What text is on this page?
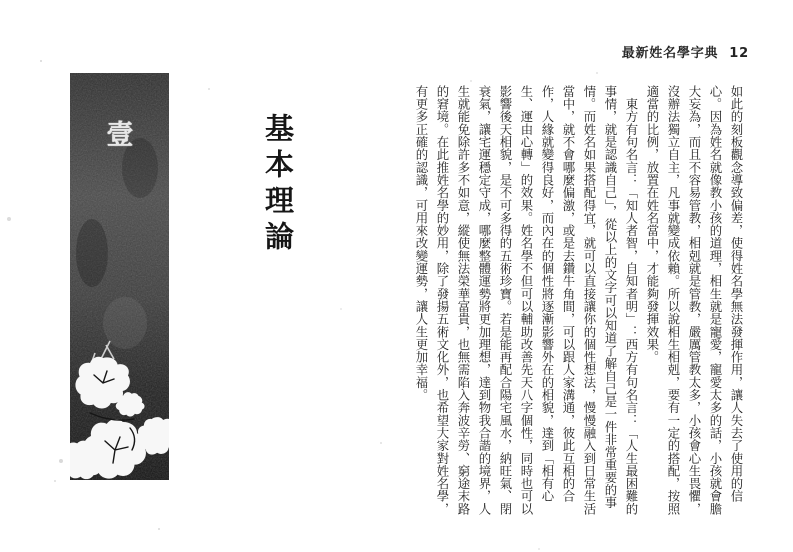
壹	基本理論
最新姓名學字典 12
如此的刻板觀念導致偏差，使得姓名學無法發揮作用，讓人失去了使用的信
心。因為姓名就像教小孩的道理，相生就是寵愛，寵愛太多的話，小孩就會膽
大妄為，而且不容易管教，相剋就是管教，嚴厲管教太多，小孩會心生畏懼，
沒辦法獨立自主，凡事就變成依賴。所以說相生相剋，要有一定的搭配，按照
適當的比例，放置在姓名當中，才能夠發揮效果。
　東方有句名言：「知人者智，自知者明」：西方有句名言：「人生最困難的
事情，就是認識自己」，從以上的文字可以知道了解自己是一件非常重要的事
情。而姓名如果搭配得宜，就可以直接讓你的個性想法，慢慢融入到日常生活
當中，就不會哪麼偏激，或是去鑽牛角間，可以跟人家溝通，彼此互相的合
作，人緣就變得良好，而內在的個性將逐漸影響外在的相貌，達到「相有心
生、運由心轉」的效果。姓名學不但可以輔助改善先天八字個性，同時也可以
影響後天相貌，是不可多得的五術珍寶。若是能再配合陽宅風水，納旺氣、閉
衰氣，讓宅運穩定守成，哪麼整體運勢將更加理想，達到物我合諧的境界，人
生就能免除許多不如意，縱使無法榮華富貴，也無需陷入奔波辛勞、窮途末路
的窘境。在此推姓名學的妙用，除了發揚五術文化外，也希望大家對姓名學，
有更多正確的認識，可用來改變運勢，讓人生更加幸福。
